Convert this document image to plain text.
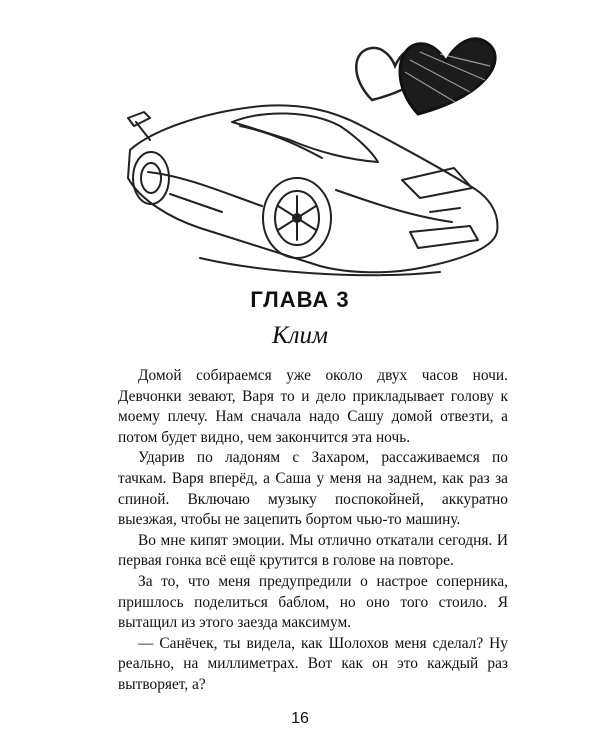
ГЛАВА 3
Клим

Домой собираемся уже около двух часов ночи. Девчонки зевают, Варя то и дело прикладывает голову к моему плечу. Нам сначала надо Сашу домой отвезти, а потом будет видно, чем закончится эта ночь.

Ударив по ладоням с Захаром, рассаживаемся по тачкам. Варя вперёд, а Саша у меня на заднем, как раз за спиной. Включаю музыку поспокойней, аккуратно выезжая, чтобы не зацепить бортом чью-то машину.

Во мне кипят эмоции. Мы отлично откатали сегодня. И первая гонка всё ещё крутится в голове на повторе.

За то, что меня предупредили о настрое соперника, пришлось поделиться баблом, но оно того стоило. Я вытащил из этого заезда максимум.

— Санёчек, ты видела, как Шолохов меня сделал? Ну реально, на миллиметрах. Вот как он это каждый раз вытворяет, а?

16
